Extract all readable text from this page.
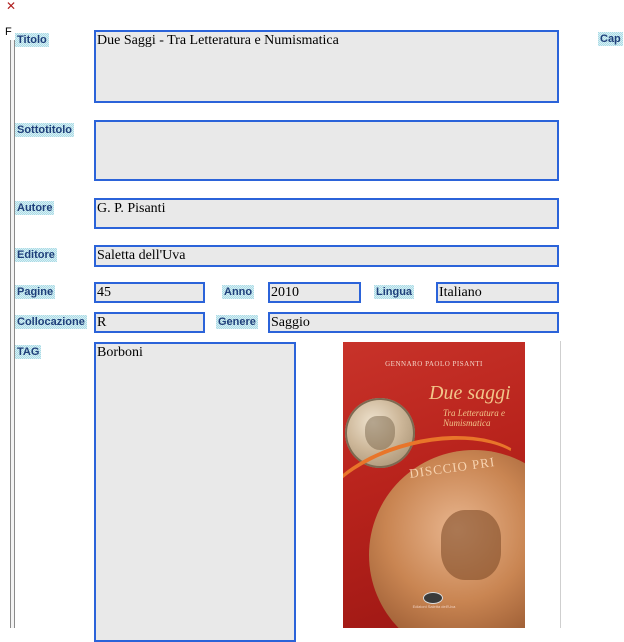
✕
F
Titolo	Due Saggi - Tra Letteratura e Numismatica	Cap
Sottotitolo
Autore	G. P. Pisanti
Editore	Saletta dell'Uva
Pagine	45	Anno 2010	Lingua Italiano
Collocazione R	Genere Saggio
TAG	Borboni
GENNARO PAOLO PISANTI
Due saggi
Tra Letteratura e Numismatica
DISCCIO PRI
Edizioni Saletta dell'Uva
